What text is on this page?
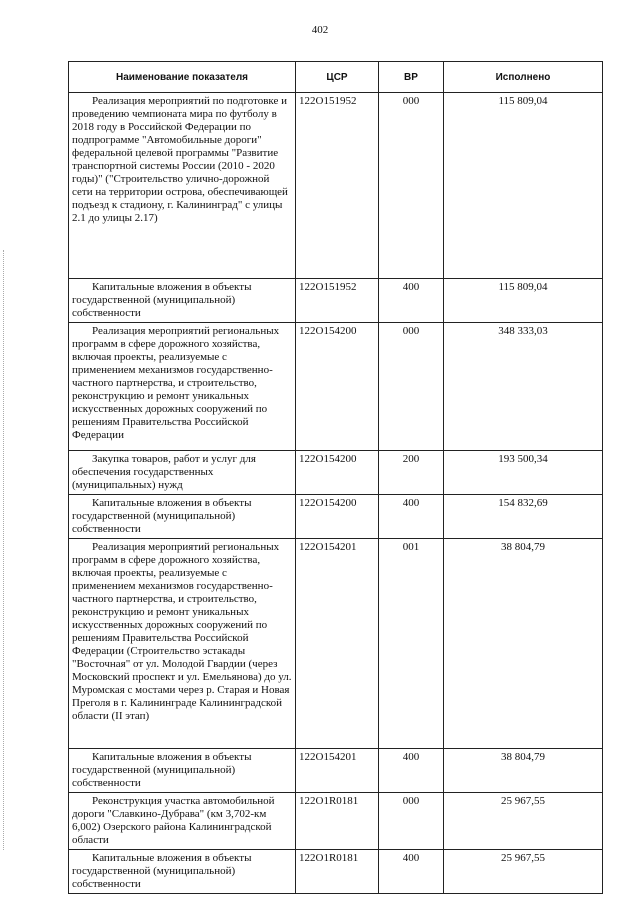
402
Наименование показателя	ЦСР	ВР	Исполнено
Реализация мероприятий по подготовке и проведению чемпионата мира по футболу в 2018 году в Российской Федерации по подпрограмме "Автомобильные дороги" федеральной целевой программы "Развитие транспортной системы России (2010 - 2020 годы)" ("Строительство улично-дорожной сети на территории острова, обеспечивающей подъезд к стадиону, г. Калининград" с улицы 2.1 до улицы 2.17)	122O151952	000	115 809,04
Капитальные вложения в объекты государственной (муниципальной) собственности	122O151952	400	115 809,04
Реализация мероприятий региональных программ в сфере дорожного хозяйства, включая проекты, реализуемые с применением механизмов государственно-частного партнерства, и строительство, реконструкцию и ремонт уникальных искусственных дорожных сооружений по решениям Правительства Российской Федерации	122O154200	000	348 333,03
Закупка товаров, работ и услуг для обеспечения государственных (муниципальных) нужд	122O154200	200	193 500,34
Капитальные вложения в объекты государственной (муниципальной) собственности	122O154200	400	154 832,69
Реализация мероприятий региональных программ в сфере дорожного хозяйства, включая проекты, реализуемые с применением механизмов государственно-частного партнерства, и строительство, реконструкцию и ремонт уникальных искусственных дорожных сооружений по решениям Правительства Российской Федерации (Строительство эстакады "Восточная" от ул. Молодой Гвардии (через Московский проспект и ул. Емельянова) до ул. Муромская с мостами через р. Старая и Новая Преголя в г. Калининграде Калининградской области (II этап)	122O154201	001	38 804,79
Капитальные вложения в объекты государственной (муниципальной) собственности	122O154201	400	38 804,79
Реконструкция участка автомобильной дороги "Славкино-Дубрава" (км 3,702-км 6,002) Озерского района Калининградской области	122O1R0181	000	25 967,55
Капитальные вложения в объекты государственной (муниципальной) собственности	122O1R0181	400	25 967,55
